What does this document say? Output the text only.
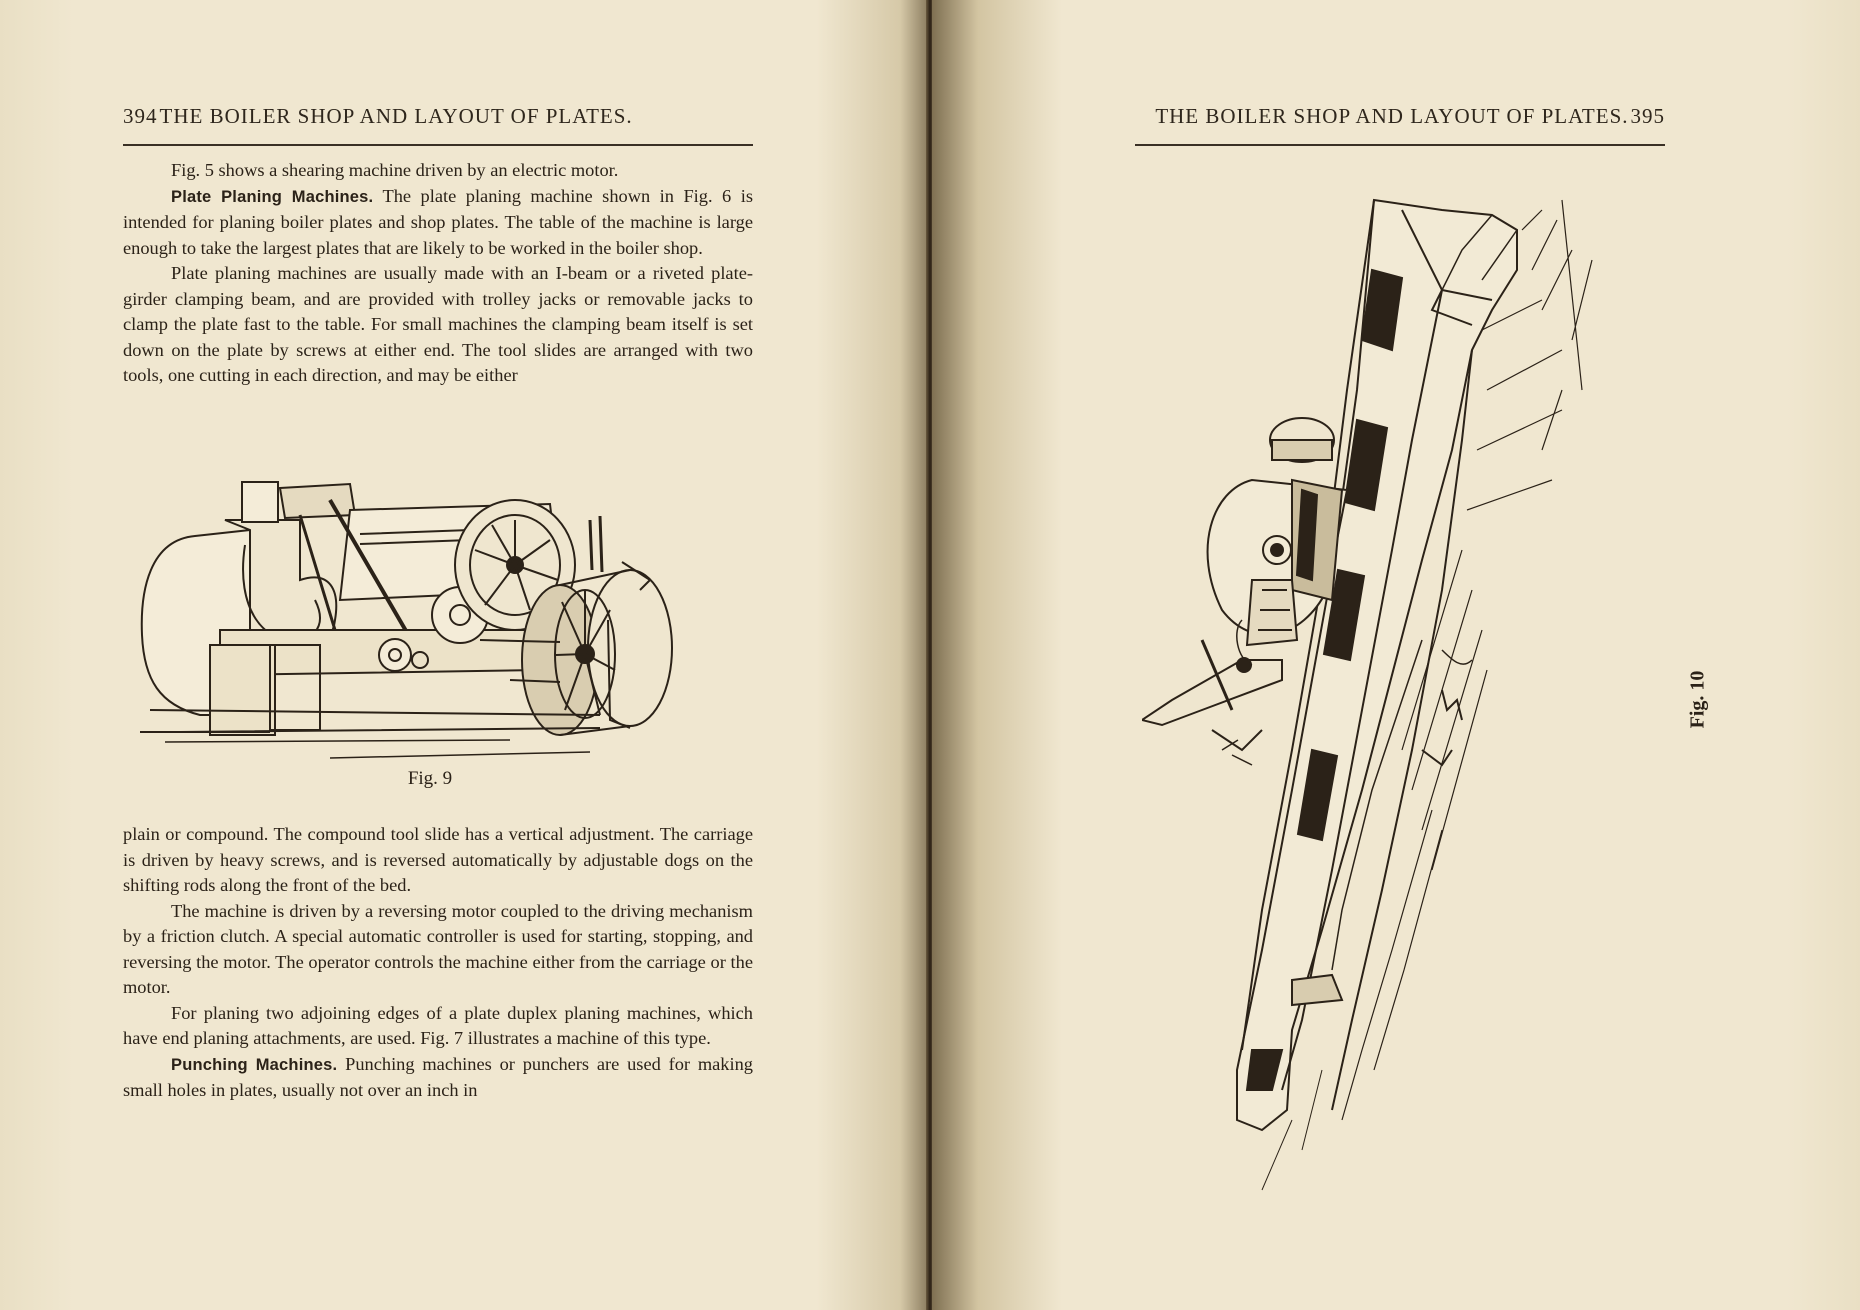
394THE BOILER SHOP AND LAYOUT OF PLATES.

Fig. 5 shows a shearing machine driven by an electric motor.

Plate Planing Machines. The plate planing machine shown in Fig. 6 is intended for planing boiler plates and shop plates. The table of the machine is large enough to take the largest plates that are likely to be worked in the boiler shop.

Plate planing machines are usually made with an I-beam or a riveted plate-girder clamping beam, and are provided with trolley jacks or removable jacks to clamp the plate fast to the table. For small machines the clamping beam itself is set down on the plate by screws at either end. The tool slides are arranged with two tools, one cutting in each direction, and may be either

Fig. 9

plain or compound. The compound tool slide has a vertical adjustment. The carriage is driven by heavy screws, and is reversed automatically by adjustable dogs on the shifting rods along the front of the bed.

The machine is driven by a reversing motor coupled to the driving mechanism by a friction clutch. A special automatic controller is used for starting, stopping, and reversing the motor. The operator controls the machine either from the carriage or the motor.

For planing two adjoining edges of a plate duplex planing machines, which have end planing attachments, are used. Fig. 7 illustrates a machine of this type.

Punching Machines. Punching machines or punchers are used for making small holes in plates, usually not over an inch in

THE BOILER SHOP AND LAYOUT OF PLATES.395
Fig. 10
